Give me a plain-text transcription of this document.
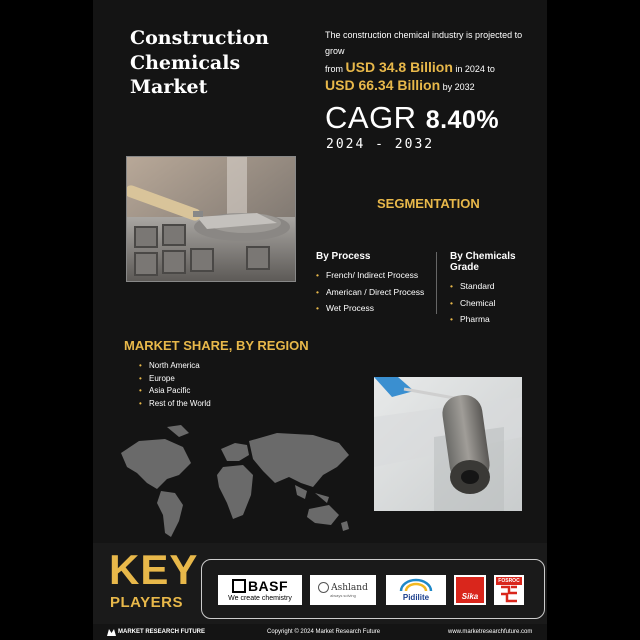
Construction
Chemicals
Market
The construction chemical industry is projected to grow
from USD 34.8 Billion in 2024 to
USD 66.34 Billion by 2032
CAGR 8.40%
2024 - 2032
SEGMENTATION
By Process
• French/ Indirect Process
• American / Direct Process
• Wet Process
By Chemicals Grade
• Standard
• Chemical
• Pharma
MARKET SHARE, BY REGION
• North America
• Europe
• Asia Pacific
• Rest of the World
KEY
PLAYERS
BASF
We create chemistry
Ashland
always solving	Pidilite	Sika
FOSROC
MARKET RESEARCH FUTURE	Copyright © 2024 Market Research Future	www.marketresearchfuture.com
